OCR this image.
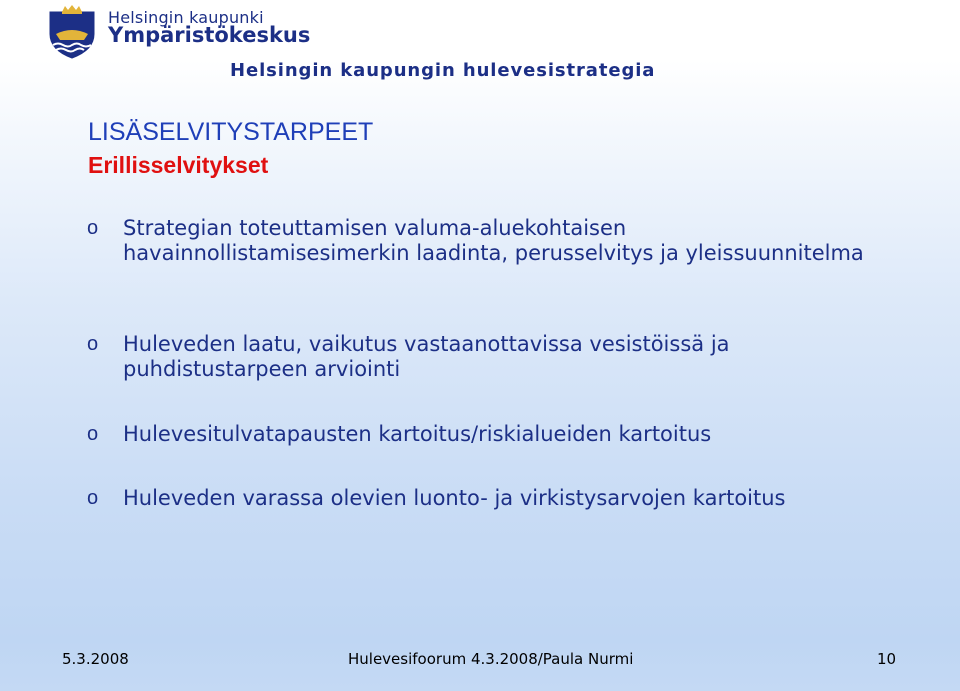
Helsingin kaupunki
Ympäristökeskus
Helsingin kaupungin hulevesistrategia
LISÄSELVITYSTARPEET
Erillisselvitykset
o	Strategian toteuttamisen valuma-aluekohtaisen havainnollistamisesimerkin laadinta, perusselvitys ja yleissuunnitelma
o	Huleveden laatu, vaikutus vastaanottavissa vesistöissä ja puhdistustarpeen arviointi
o	Hulevesitulvatapausten kartoitus/riskialueiden kartoitus
o	Huleveden varassa olevien luonto- ja virkistysarvojen kartoitus
5.3.2008	Hulevesifoorum 4.3.2008/Paula Nurmi	10
